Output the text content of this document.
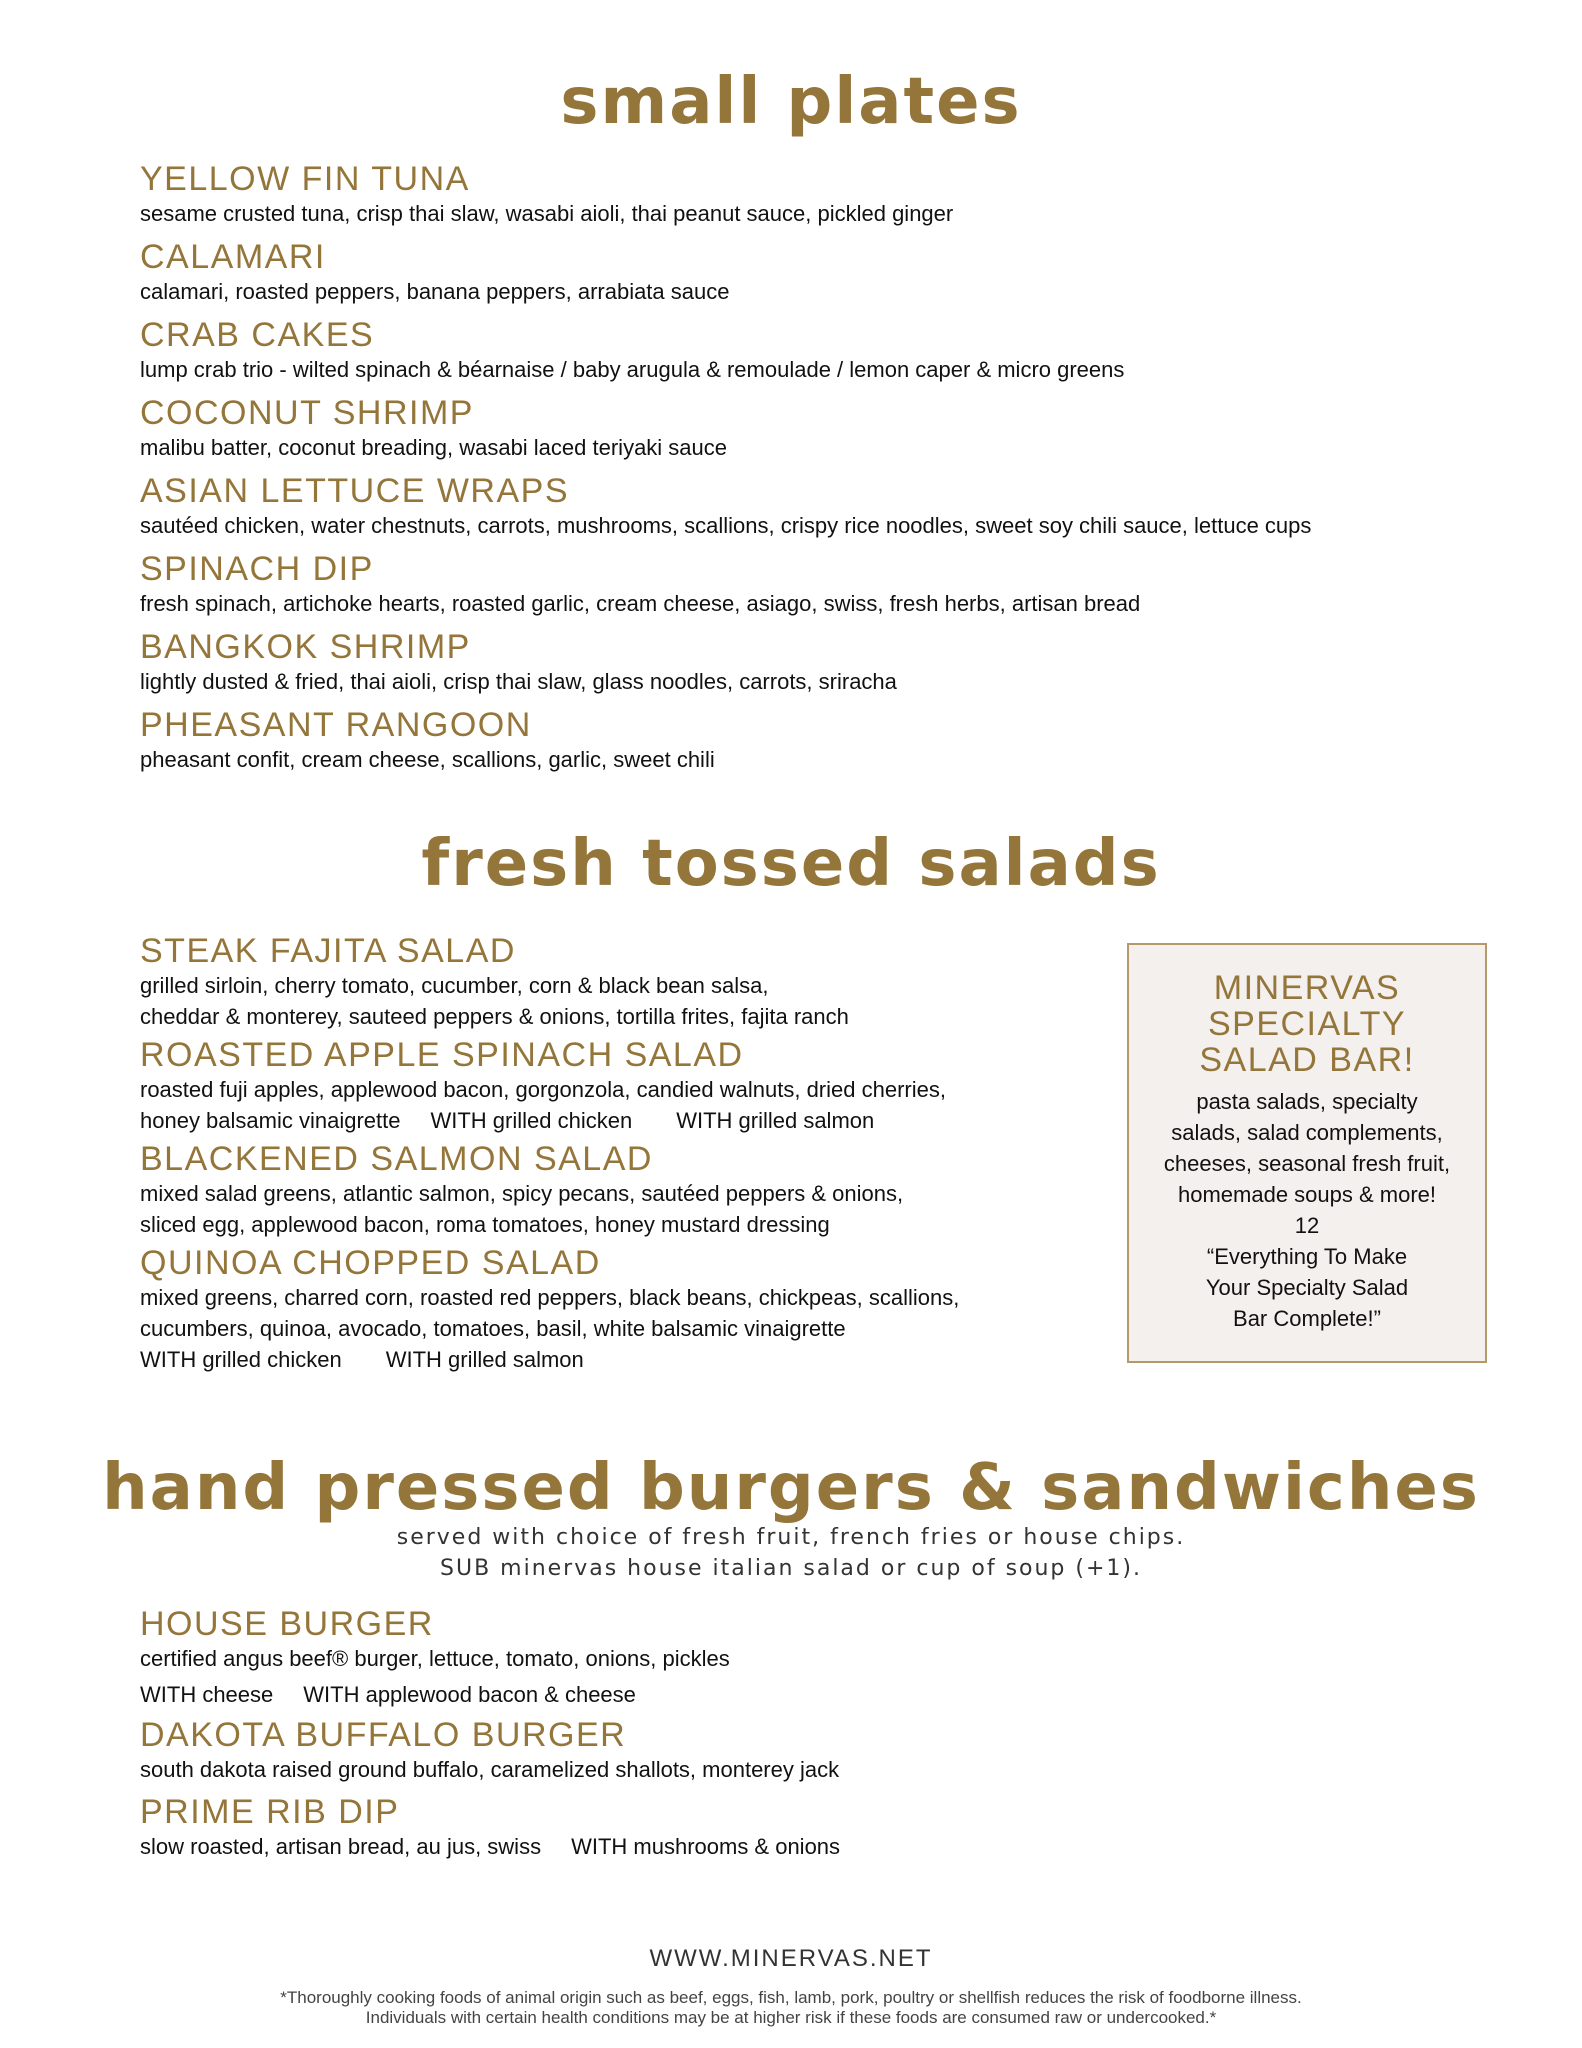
small plates

YELLOW FIN TUNA

sesame crusted tuna, crisp thai slaw, wasabi aioli, thai peanut sauce, pickled ginger

CALAMARI

calamari, roasted peppers, banana peppers, arrabiata sauce

CRAB CAKES

lump crab trio - wilted spinach & béarnaise / baby arugula & remoulade / lemon caper & micro greens

COCONUT SHRIMP

malibu batter, coconut breading, wasabi laced teriyaki sauce

ASIAN LETTUCE WRAPS

sautéed chicken, water chestnuts, carrots, mushrooms, scallions, crispy rice noodles, sweet soy chili sauce, lettuce cups

SPINACH DIP

fresh spinach, artichoke hearts, roasted garlic, cream cheese, asiago, swiss, fresh herbs, artisan bread

BANGKOK SHRIMP

lightly dusted & fried, thai aioli, crisp thai slaw, glass noodles, carrots, sriracha

PHEASANT RANGOON

pheasant confit, cream cheese, scallions, garlic, sweet chili

fresh tossed salads

STEAK FAJITA SALAD

grilled sirloin, cherry tomato, cucumber, corn & black bean salsa,

cheddar & monterey, sauteed peppers & onions, tortilla frites, fajita ranch

ROASTED APPLE SPINACH SALAD

roasted fuji apples, applewood bacon, gorgonzola, candied walnuts, dried cherries,

honey balsamic vinaigrette WITH grilled chicken WITH grilled salmon

BLACKENED SALMON SALAD

mixed salad greens, atlantic salmon, spicy pecans, sautéed peppers & onions,

sliced egg, applewood bacon, roma tomatoes, honey mustard dressing

QUINOA CHOPPED SALAD

mixed greens, charred corn, roasted red peppers, black beans, chickpeas, scallions,

cucumbers, quinoa, avocado, tomatoes, basil, white balsamic vinaigrette

WITH grilled chicken WITH grilled salmon

MINERVAS
SPECIALTY
SALAD BAR!

pasta salads, specialty

salads, salad complements,

cheeses, seasonal fresh fruit,

homemade soups & more!

12

“Everything To Make

Your Specialty Salad

Bar Complete!”

hand pressed burgers & sandwiches

served with choice of fresh fruit, french fries or house chips.

SUB minervas house italian salad or cup of soup (+1).

HOUSE BURGER

certified angus beef® burger, lettuce, tomato, onions, pickles

WITH cheese WITH applewood bacon & cheese

DAKOTA BUFFALO BURGER

south dakota raised ground buffalo, caramelized shallots, monterey jack

PRIME RIB DIP

slow roasted, artisan bread, au jus, swiss WITH mushrooms & onions

WWW.MINERVAS.NET

*Thoroughly cooking foods of animal origin such as beef, eggs, fish, lamb, pork, poultry or shellfish reduces the risk of foodborne illness.

Individuals with certain health conditions may be at higher risk if these foods are consumed raw or undercooked.*
